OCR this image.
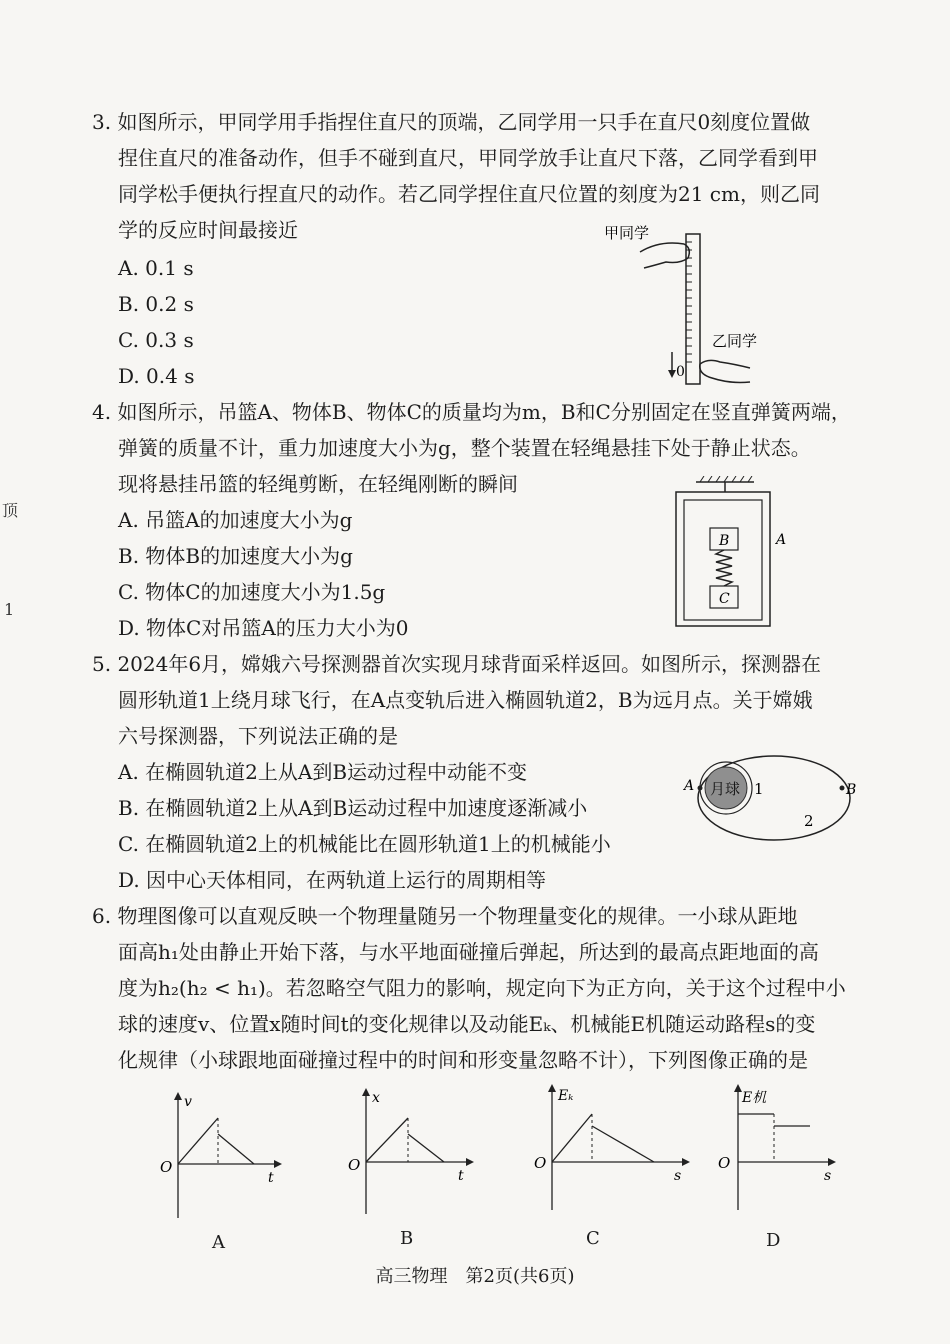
顶
1
3. 如图所示，甲同学用手指捏住直尺的顶端，乙同学用一只手在直尺0刻度位置做
捏住直尺的准备动作，但手不碰到直尺，甲同学放手让直尺下落，乙同学看到甲
同学松手便执行捏直尺的动作。若乙同学捏住直尺位置的刻度为21 cm，则乙同
学的反应时间最接近
A. 0.1 s
B. 0.2 s
C. 0.3 s
D. 0.4 s
甲同学
乙同学
0
4. 如图所示，吊篮A、物体B、物体C的质量均为m，B和C分别固定在竖直弹簧两端，
弹簧的质量不计，重力加速度大小为g，整个装置在轻绳悬挂下处于静止状态。
现将悬挂吊篮的轻绳剪断，在轻绳刚断的瞬间
A. 吊篮A的加速度大小为g
B. 物体B的加速度大小为g
C. 物体C的加速度大小为1.5g
D. 物体C对吊篮A的压力大小为0
B
C
A
5. 2024年6月，嫦娥六号探测器首次实现月球背面采样返回。如图所示，探测器在
圆形轨道1上绕月球飞行，在A点变轨后进入椭圆轨道2，B为远月点。关于嫦娥
六号探测器，下列说法正确的是
A. 在椭圆轨道2上从A到B运动过程中动能不变
B. 在椭圆轨道2上从A到B运动过程中加速度逐渐减小
C. 在椭圆轨道2上的机械能比在圆形轨道1上的机械能小
D. 因中心天体相同，在两轨道上运行的周期相等
月球 1
2
A	B
6. 物理图像可以直观反映一个物理量随另一个物理量变化的规律。一小球从距地
面高h₁处由静止开始下落，与水平地面碰撞后弹起，所达到的最高点距地面的高
度为h₂(h₂ < h₁)。若忽略空气阻力的影响，规定向下为正方向，关于这个过程中小
球的速度v、位置x随时间t的变化规律以及动能Eₖ、机械能E机随运动路程s的变
化规律（小球跟地面碰撞过程中的时间和形变量忽略不计），下列图像正确的是
v
O
t
x
O
t
Eₖ
O
s
E机
O
s
A	B	C	D
高三物理　第2页(共6页)
